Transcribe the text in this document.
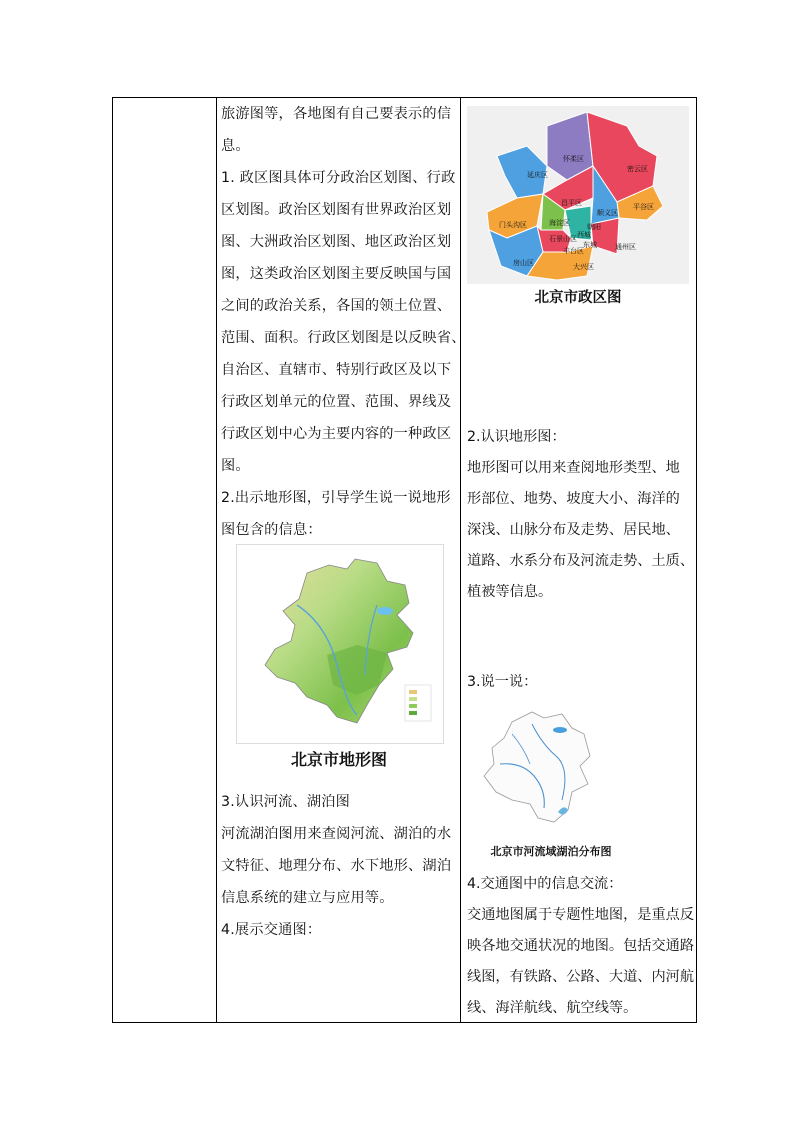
旅游图等，各地图有自己要表示的信
息。
1. 政区图具体可分政治区划图、行政
区划图。政治区划图有世界政治区划
图、大洲政治区划图、地区政治区划
图，这类政治区划图主要反映国与国
之间的政治关系，各国的领土位置、
范围、面积。行政区划图是以反映省、
自治区、直辖市、特别行政区及以下
行政区划单元的位置、范围、界线及
行政区划中心为主要内容的一种政区
图。
2.出示地形图，引导学生说一说地形
图包含的信息：
北京市地形图
3.认识河流、湖泊图
河流湖泊图用来查阅河流、湖泊的水
文特征、地理分布、水下地形、湖泊
信息系统的建立与应用等。
4.展示交通图：
怀柔区
密云区
延庆区
昌平区	平谷区
顺义区
门头沟区	海淀区 朝阳
石景山区 西城
东城
丰台区	通州区
房山区	大兴区
北京市政区图
2.认识地形图：
地形图可以用来查阅地形类型、地
形部位、地势、坡度大小、海洋的
深浅、山脉分布及走势、居民地、
道路、水系分布及河流走势、土质、
植被等信息。
3.说一说：
北京市河流域湖泊分布图
4.交通图中的信息交流：
交通地图属于专题性地图，是重点反
映各地交通状况的地图。包括交通路
线图，有铁路、公路、大道、内河航
线、海洋航线、航空线等。
